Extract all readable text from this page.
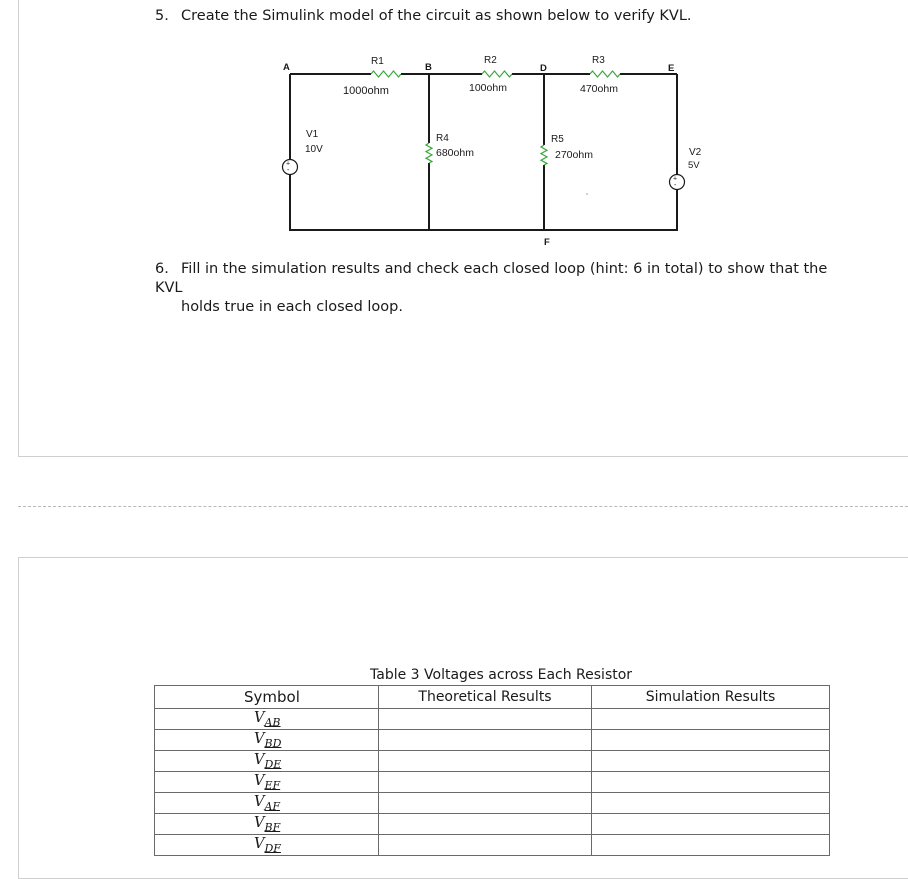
5. Create the Simulink model of the circuit as shown below to verify KVL.
+
-
+
-
A	B	D	E
F
R1
1000ohm
R2
100ohm
R3
470ohm
R4
680ohm
R5
270ohm
V1
10V	V2
5V
6. Fill in the simulation results and check each closed loop (hint: 6 in total) to show that the KVL
holds true in each closed loop.
Table 3 Voltages across Each Resistor
Symbol	Theoretical Results	Simulation Results
$V_{AB}$		
$V_{BD}$		
$V_{DE}$		
$V_{EF}$		
$V_{AF}$		
$V_{BF}$		
$V_{DF}$		
